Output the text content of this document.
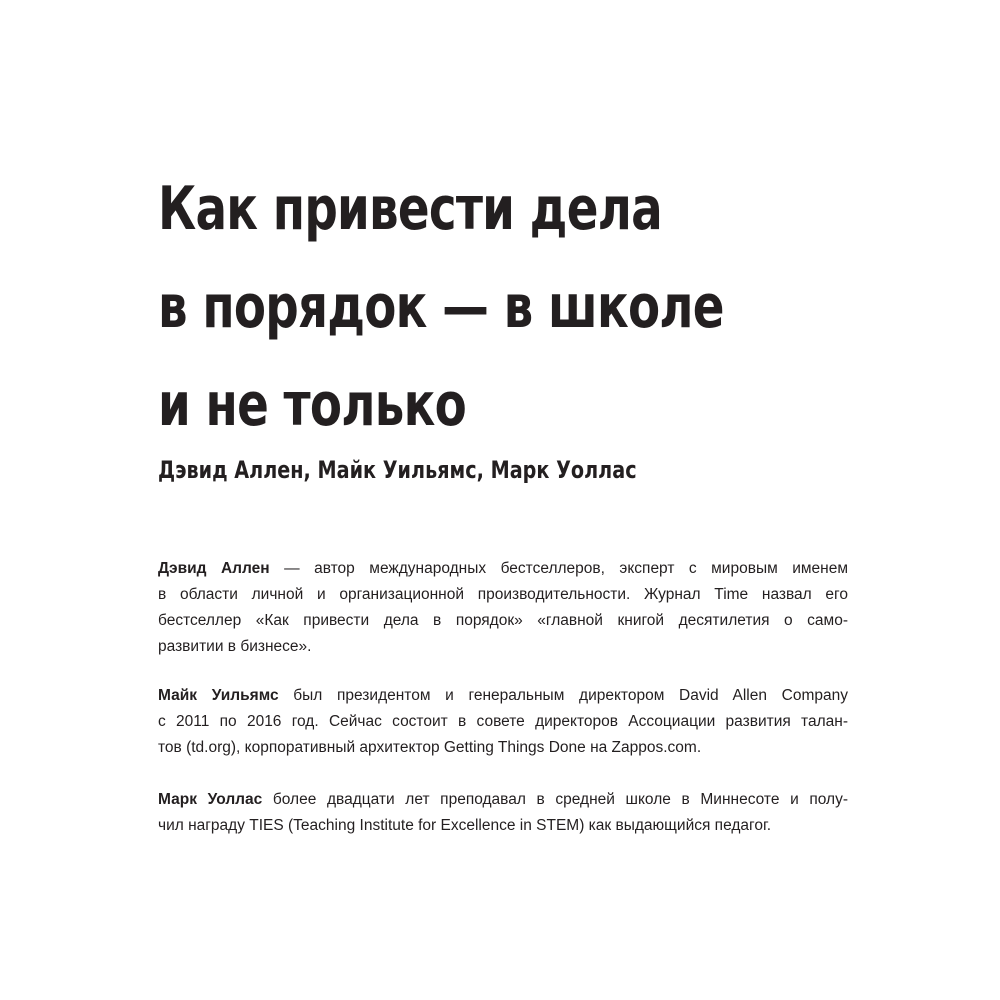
Как привести дела
в порядок — в школе
и не только

Дэвид Аллен, Майк Уильямс, Марк Уоллас

Дэвид Аллен — автор международных бестселлеров, эксперт с мировым именем
в области личной и организационной производительности. Журнал Time назвал его
бестселлер «Как привести дела в порядок» «главной книгой десятилетия о само-
развитии в бизнесе».

Майк Уильямс был президентом и генеральным директором David Allen Company
с 2011 по 2016 год. Сейчас состоит в совете директоров Ассоциации развития талан-
тов (td.org), корпоративный архитектор Getting Things Done на Zappos.com.

Марк Уоллас более двадцати лет преподавал в средней школе в Миннесоте и полу-
чил награду TIES (Teaching Institute for Excellence in STEM) как выдающийся педагог.
